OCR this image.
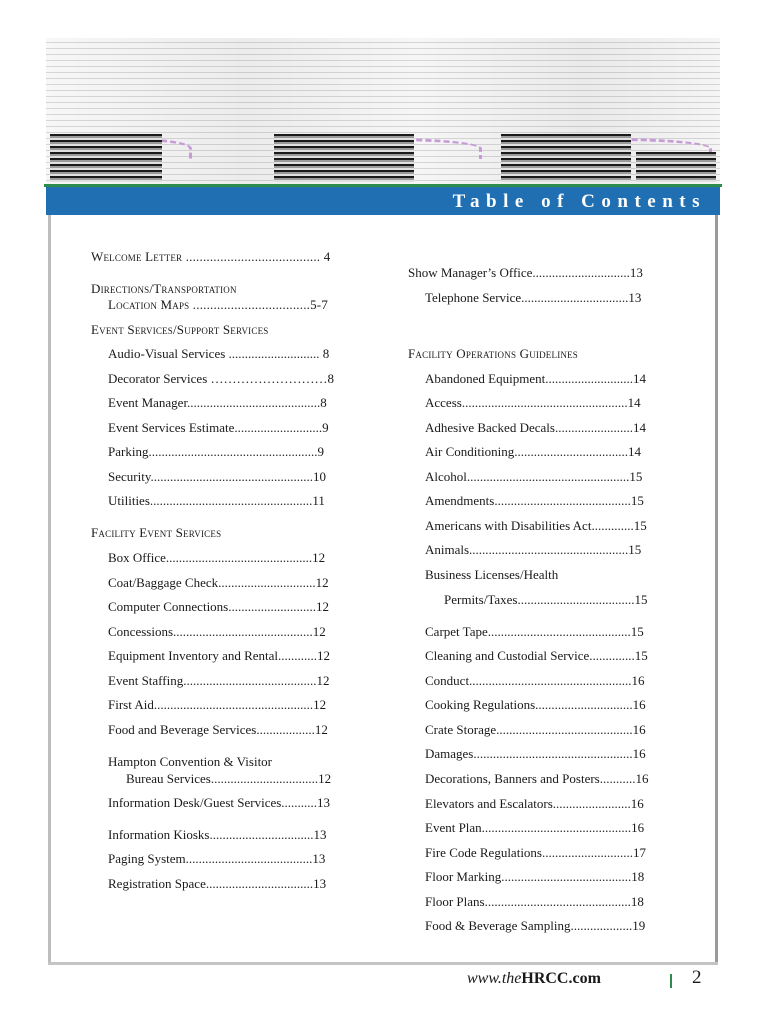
Table of Contents
Welcome Letter ....................................... 4
Directions/Transportation
Location Maps ..................................5-7
Event Services/Support Services
Audio-Visual Services ............................ 8
Decorator Services ………………………8
Event Manager.........................................8
Event Services Estimate...........................9
Parking....................................................9
Security..................................................10
Utilities..................................................11
Facility Event Services
Box Office.............................................12
Coat/Baggage Check..............................12
Computer Connections...........................12
Concessions...........................................12
Equipment Inventory and Rental............12
Event Staffing.........................................12
First Aid.................................................12
Food and Beverage Services..................12
Hampton Convention & Visitor
Bureau Services.................................12
Information Desk/Guest Services...........13
Information Kiosks................................13
Paging System.......................................13
Registration Space.................................13
Show Manager’s Office..............................13
Telephone Service.................................13
Facility Operations Guidelines
Abandoned Equipment...........................14
Access...................................................14
Adhesive Backed Decals........................14
Air Conditioning...................................14
Alcohol..................................................15
Amendments..........................................15
Americans with Disabilities Act.............15
Animals.................................................15
Business Licenses/Health
Permits/Taxes....................................15
Carpet Tape............................................15
Cleaning and Custodial Service..............15
Conduct..................................................16
Cooking Regulations..............................16
Crate Storage..........................................16
Damages.................................................16
Decorations, Banners and Posters...........16
Elevators and Escalators........................16
Event Plan..............................................16
Fire Code Regulations............................17
Floor Marking........................................18
Floor Plans.............................................18
Food & Beverage Sampling...................19
www.theHRCC.com	2
